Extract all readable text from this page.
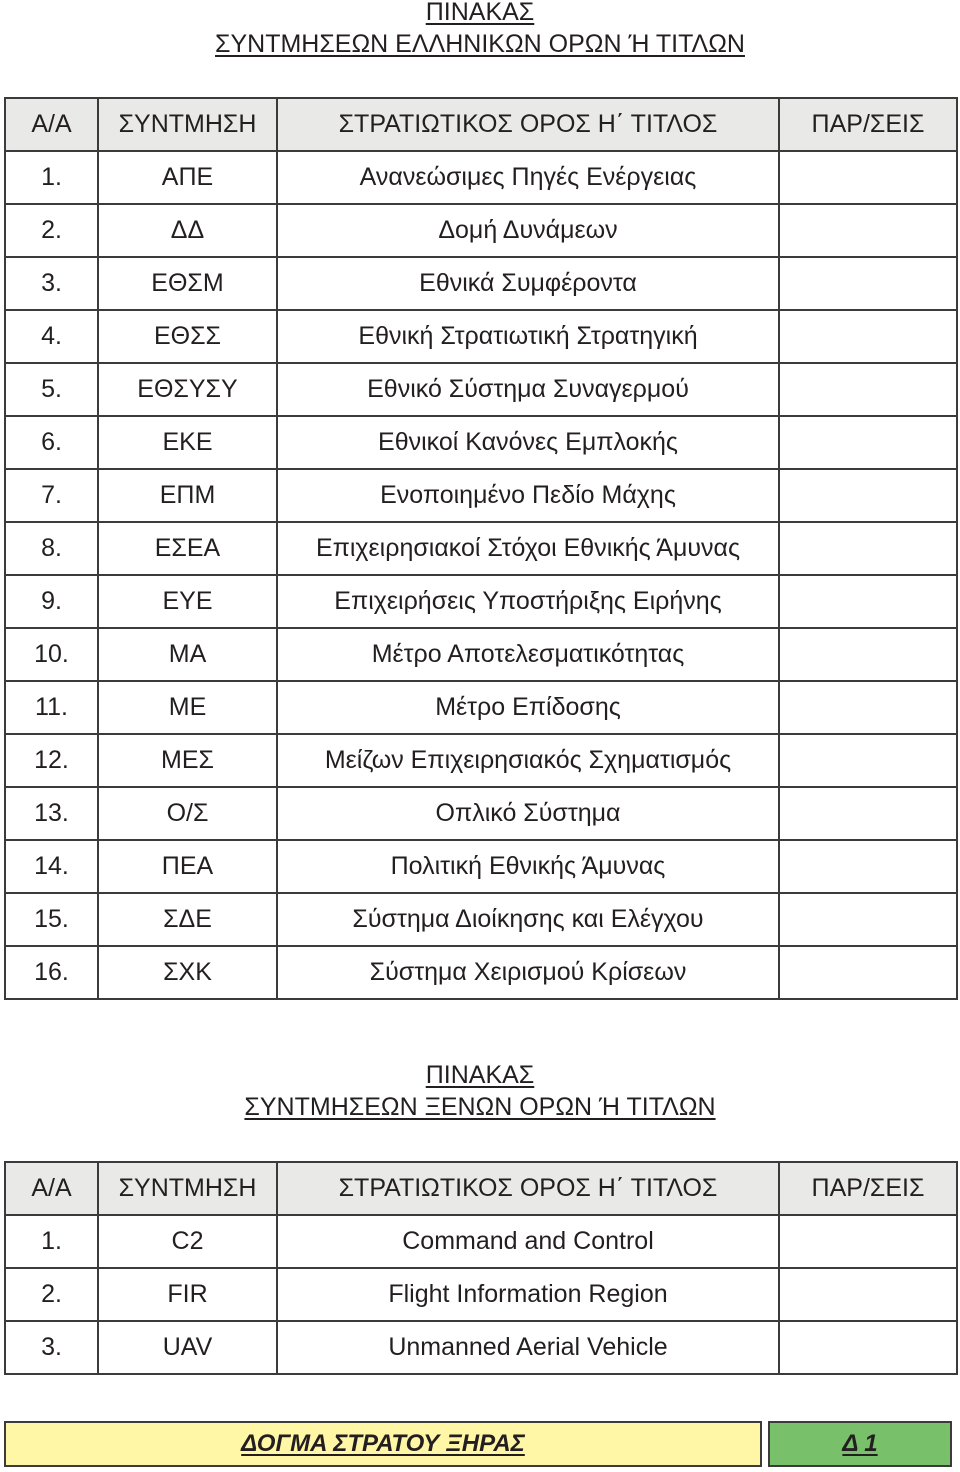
ΠΙΝΑΚΑΣ
ΣΥΝΤΜΗΣΕΩΝ ΕΛΛΗΝΙΚΩΝ ΟΡΩΝ Ή ΤΙΤΛΩΝ
Α/Α	ΣΥΝΤΜΗΣΗ	ΣΤΡΑΤΙΩΤΙΚΟΣ ΟΡΟΣ Η΄ ΤΙΤΛΟΣ	ΠΑΡ/ΣΕΙΣ
1.	ΑΠΕ	Ανανεώσιμες Πηγές Ενέργειας	
2.	ΔΔ	Δομή Δυνάμεων	
3.	ΕΘΣΜ	Εθνικά Συμφέροντα	
4.	ΕΘΣΣ	Εθνική Στρατιωτική Στρατηγική	
5.	ΕΘΣΥΣΥ	Εθνικό Σύστημα Συναγερμού	
6.	ΕΚΕ	Εθνικοί Κανόνες Εμπλοκής	
7.	ΕΠΜ	Ενοποιημένο Πεδίο Μάχης	
8.	ΕΣΕΑ	Επιχειρησιακοί Στόχοι Εθνικής Άμυνας	
9.	ΕΥΕ	Επιχειρήσεις Υποστήριξης Ειρήνης	
10.	ΜΑ	Μέτρο Αποτελεσματικότητας	
11.	ΜΕ	Μέτρο Επίδοσης	
12.	ΜΕΣ	Μείζων Επιχειρησιακός Σχηματισμός	
13.	Ο/Σ	Οπλικό Σύστημα	
14.	ΠΕΑ	Πολιτική Εθνικής Άμυνας	
15.	ΣΔΕ	Σύστημα Διοίκησης και Ελέγχου	
16.	ΣΧΚ	Σύστημα Χειρισμού Κρίσεων	
ΠΙΝΑΚΑΣ
ΣΥΝΤΜΗΣΕΩΝ ΞΕΝΩΝ ΟΡΩΝ Ή ΤΙΤΛΩΝ
Α/Α	ΣΥΝΤΜΗΣΗ	ΣΤΡΑΤΙΩΤΙΚΟΣ ΟΡΟΣ Η΄ ΤΙΤΛΟΣ	ΠΑΡ/ΣΕΙΣ
1.	C2	Command and Control	
2.	FIR	Flight Information Region	
3.	UAV	Unmanned Aerial Vehicle	
ΔΟΓΜΑ ΣΤΡΑΤΟΥ ΞΗΡΑΣ	Δ 1
